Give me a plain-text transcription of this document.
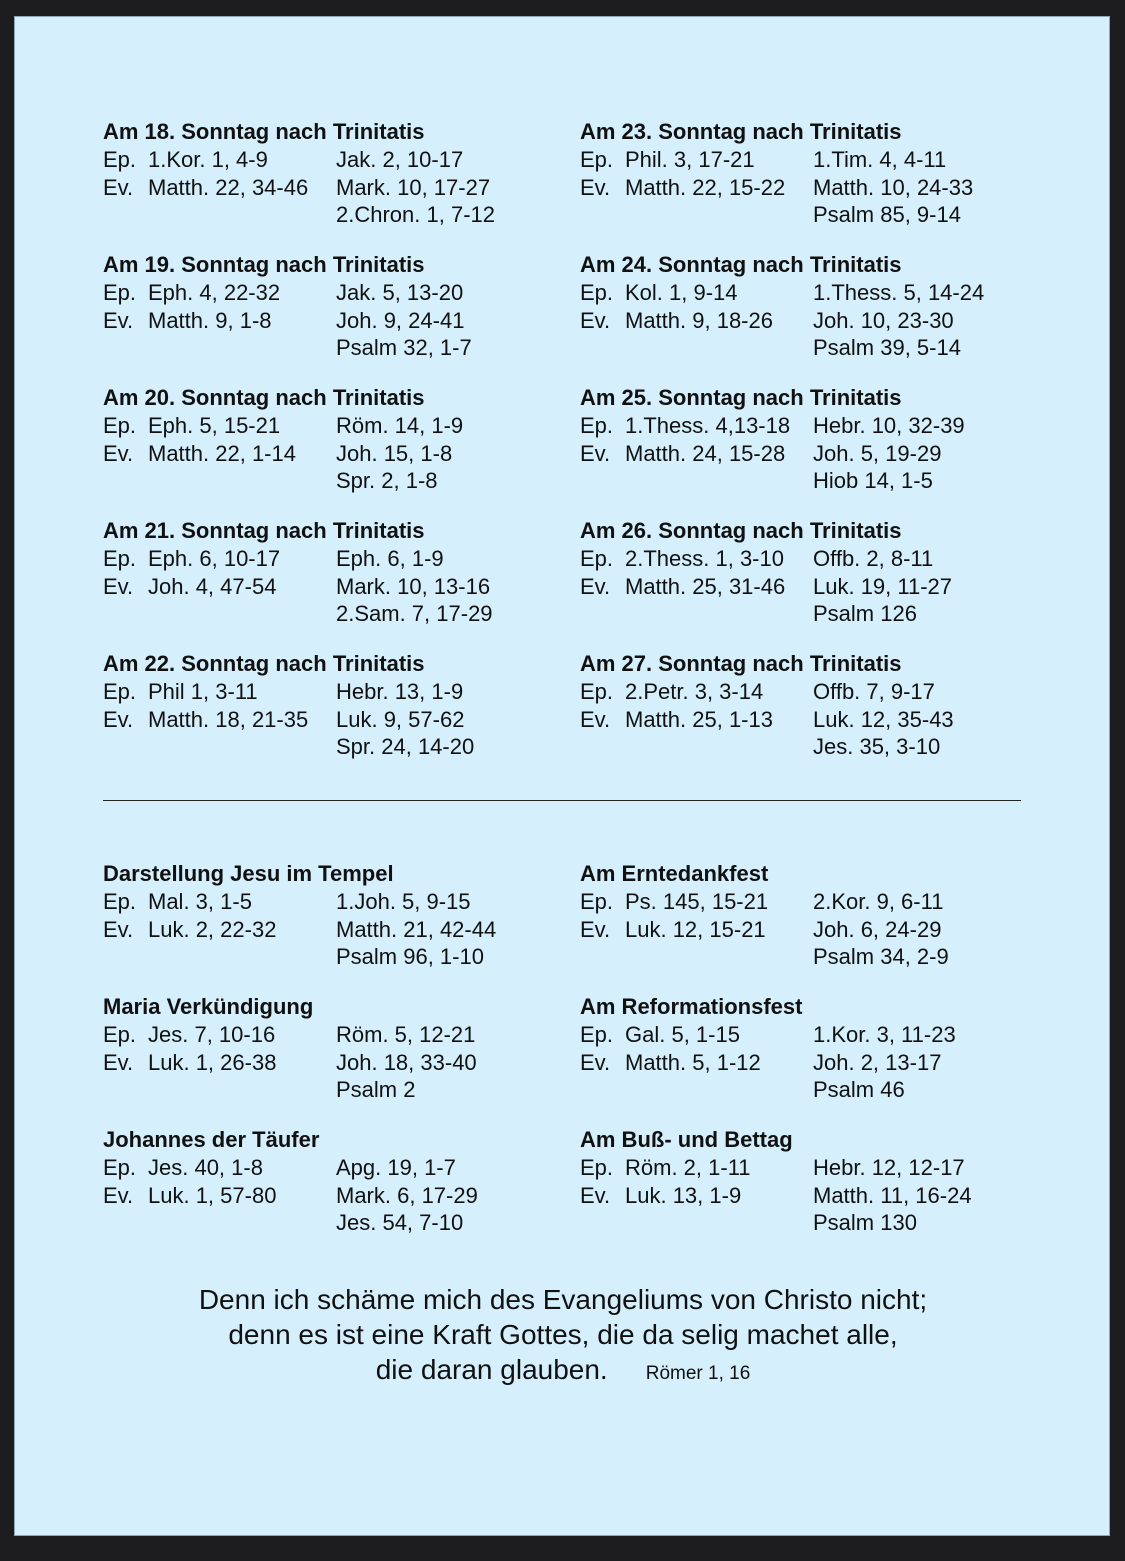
Am 18. Sonntag nach Trinitatis
Ep. 1.Kor. 1, 4-9	Jak. 2, 10-17
Ev. Matth. 22, 34-46	Mark. 10, 17-27
2.Chron. 1, 7-12
Am 19. Sonntag nach Trinitatis
Ep. Eph. 4, 22-32	Jak. 5, 13-20
Ev. Matth. 9, 1-8	Joh. 9, 24-41
Psalm 32, 1-7
Am 20. Sonntag nach Trinitatis
Ep. Eph. 5, 15-21	Röm. 14, 1-9
Ev. Matth. 22, 1-14	Joh. 15, 1-8
Spr. 2, 1-8
Am 21. Sonntag nach Trinitatis
Ep. Eph. 6, 10-17	Eph. 6, 1-9
Ev. Joh. 4, 47-54	Mark. 10, 13-16
2.Sam. 7, 17-29
Am 22. Sonntag nach Trinitatis
Ep. Phil 1, 3-11	Hebr. 13, 1-9
Ev. Matth. 18, 21-35	Luk. 9, 57-62
Spr. 24, 14-20
Am 23. Sonntag nach Trinitatis
Ep. Phil. 3, 17-21	1.Tim. 4, 4-11
Ev. Matth. 22, 15-22	Matth. 10, 24-33
Psalm 85, 9-14
Am 24. Sonntag nach Trinitatis
Ep. Kol. 1, 9-14	1.Thess. 5, 14-24
Ev. Matth. 9, 18-26	Joh. 10, 23-30
Psalm 39, 5-14
Am 25. Sonntag nach Trinitatis
Ep. 1.Thess. 4,13-18	Hebr. 10, 32-39
Ev. Matth. 24, 15-28	Joh. 5, 19-29
Hiob 14, 1-5
Am 26. Sonntag nach Trinitatis
Ep. 2.Thess. 1, 3-10	Offb. 2, 8-11
Ev. Matth. 25, 31-46	Luk. 19, 11-27
Psalm 126
Am 27. Sonntag nach Trinitatis
Ep. 2.Petr. 3, 3-14	Offb. 7, 9-17
Ev. Matth. 25, 1-13	Luk. 12, 35-43
Jes. 35, 3-10
Darstellung Jesu im Tempel
Ep. Mal. 3, 1-5	1.Joh. 5, 9-15
Ev. Luk. 2, 22-32	Matth. 21, 42-44
Psalm 96, 1-10
Maria Verkündigung
Ep. Jes. 7, 10-16	Röm. 5, 12-21
Ev. Luk. 1, 26-38	Joh. 18, 33-40
Psalm 2
Johannes der Täufer
Ep. Jes. 40, 1-8	Apg. 19, 1-7
Ev. Luk. 1, 57-80	Mark. 6, 17-29
Jes. 54, 7-10
Am Erntedankfest
Ep. Ps. 145, 15-21	2.Kor. 9, 6-11
Ev. Luk. 12, 15-21	Joh. 6, 24-29
Psalm 34, 2-9
Am Reformationsfest
Ep. Gal. 5, 1-15	1.Kor. 3, 11-23
Ev. Matth. 5, 1-12	Joh. 2, 13-17
Psalm 46
Am Buß- und Bettag
Ep. Röm. 2, 1-11	Hebr. 12, 12-17
Ev. Luk. 13, 1-9	Matth. 11, 16-24
Psalm 130
Denn ich schäme mich des Evangeliums von Christo nicht;
denn es ist eine Kraft Gottes, die da selig machet alle,
die daran glauben. Römer 1, 16
